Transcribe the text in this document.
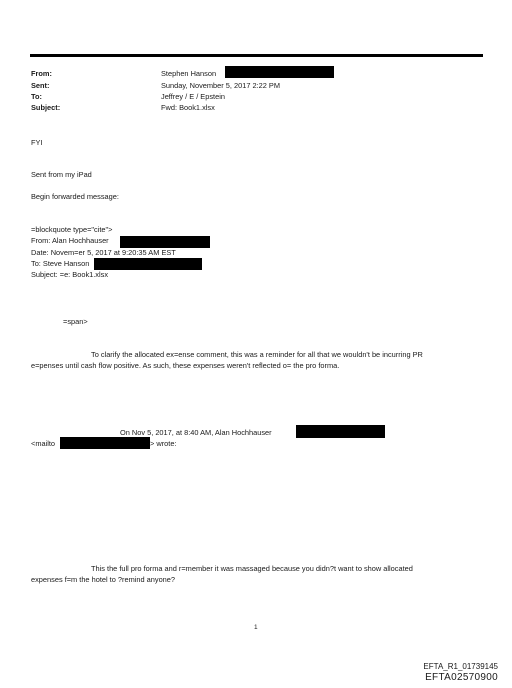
From:	Stephen Hanson
Sent:	Sunday, November 5, 2017 2:22 PM
To:	Jeffrey / E / Epstein
Subject:	Fwd: Book1.xlsx
FYI
Sent from my iPad
Begin forwarded message:
=blockquote type="cite">
From: Alan Hochhauser
Date: Novem=er 5, 2017 at 9:20:35 AM EST
To: Steve Hanson
Subject: =e: Book1.xlsx
=span>
To clarify the allocated ex=ense comment, this was a reminder for all that we wouldn't be incurring PR
e=penses until cash flow positive. As such, these expenses weren't reflected o= the pro forma.
On Nov 5, 2017, at 8:40 AM, Alan Hochhauser
<mailto	> wrote:
This the full pro forma and r=member it was massaged because you didn?t want to show allocated
expenses f=m the hotel to ?remind anyone?
1
EFTA_R1_01739145
EFTA02570900
